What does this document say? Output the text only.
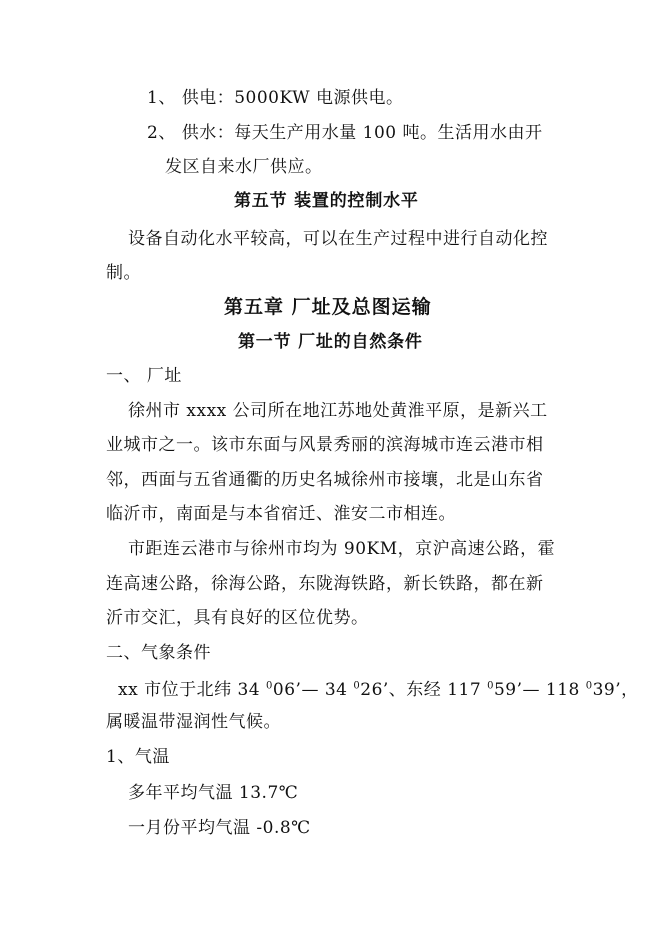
1、 供电：5000KW 电源供电。
2、 供水：每天生产用水量 100 吨。生活用水由开
发区自来水厂供应。
第五节 装置的控制水平
设备自动化水平较高，可以在生产过程中进行自动化控
制。
第五章 厂址及总图运输
第一节 厂址的自然条件
一、 厂址
徐州市 xxxx 公司所在地江苏地处黄淮平原，是新兴工
业城市之一。该市东面与风景秀丽的滨海城市连云港市相
邻，西面与五省通衢的历史名城徐州市接壤，北是山东省
临沂市，南面是与本省宿迁、淮安二市相连。
市距连云港市与徐州市均为 90KM，京沪高速公路，霍
连高速公路，徐海公路，东陇海铁路，新长铁路，都在新
沂市交汇，具有良好的区位优势。
二、气象条件
xx 市位于北纬 34 $^0$06’— 34 $^0$26’、东经 117 $^0$59’— 118 $^0$39’，
属暖温带湿润性气候。
1、气温
多年平均气温 13.7℃
一月份平均气温 -0.8℃
